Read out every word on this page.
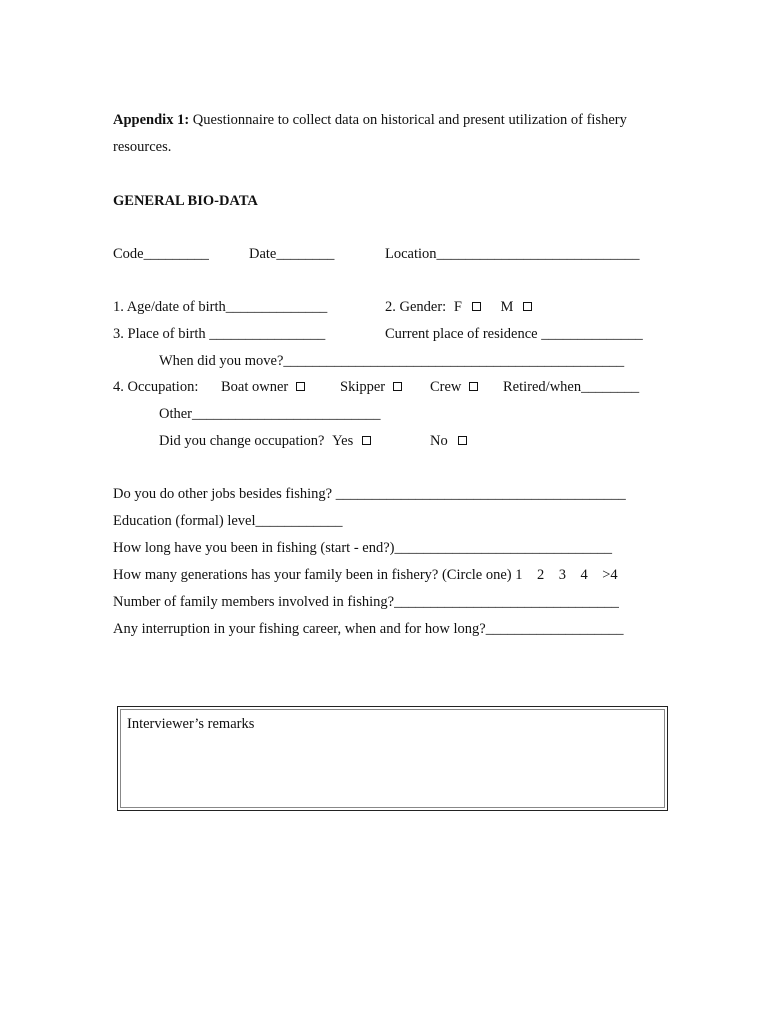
Appendix 1: Questionnaire to collect data on historical and present utilization of fishery
resources.
GENERAL BIO-DATA
Code_________	Date________	Location____________________________
1. Age/date of birth______________	2. Gender: F	M
3. Place of birth ________________	Current place of residence ______________
When did you move?_______________________________________________
4. Occupation: Boat owner	Skipper	Crew	Retired/when________
Other__________________________
Did you change occupation? Yes	No
Do you do other jobs besides fishing? ________________________________________
Education (formal) level____________
How long have you been in fishing (start - end?)______________________________
How many generations has your family been in fishery? (Circle one) 1    2    3    4    >4
Number of family members involved in fishing?_______________________________
Any interruption in your fishing career, when and for how long?___________________
Interviewer’s remarks
